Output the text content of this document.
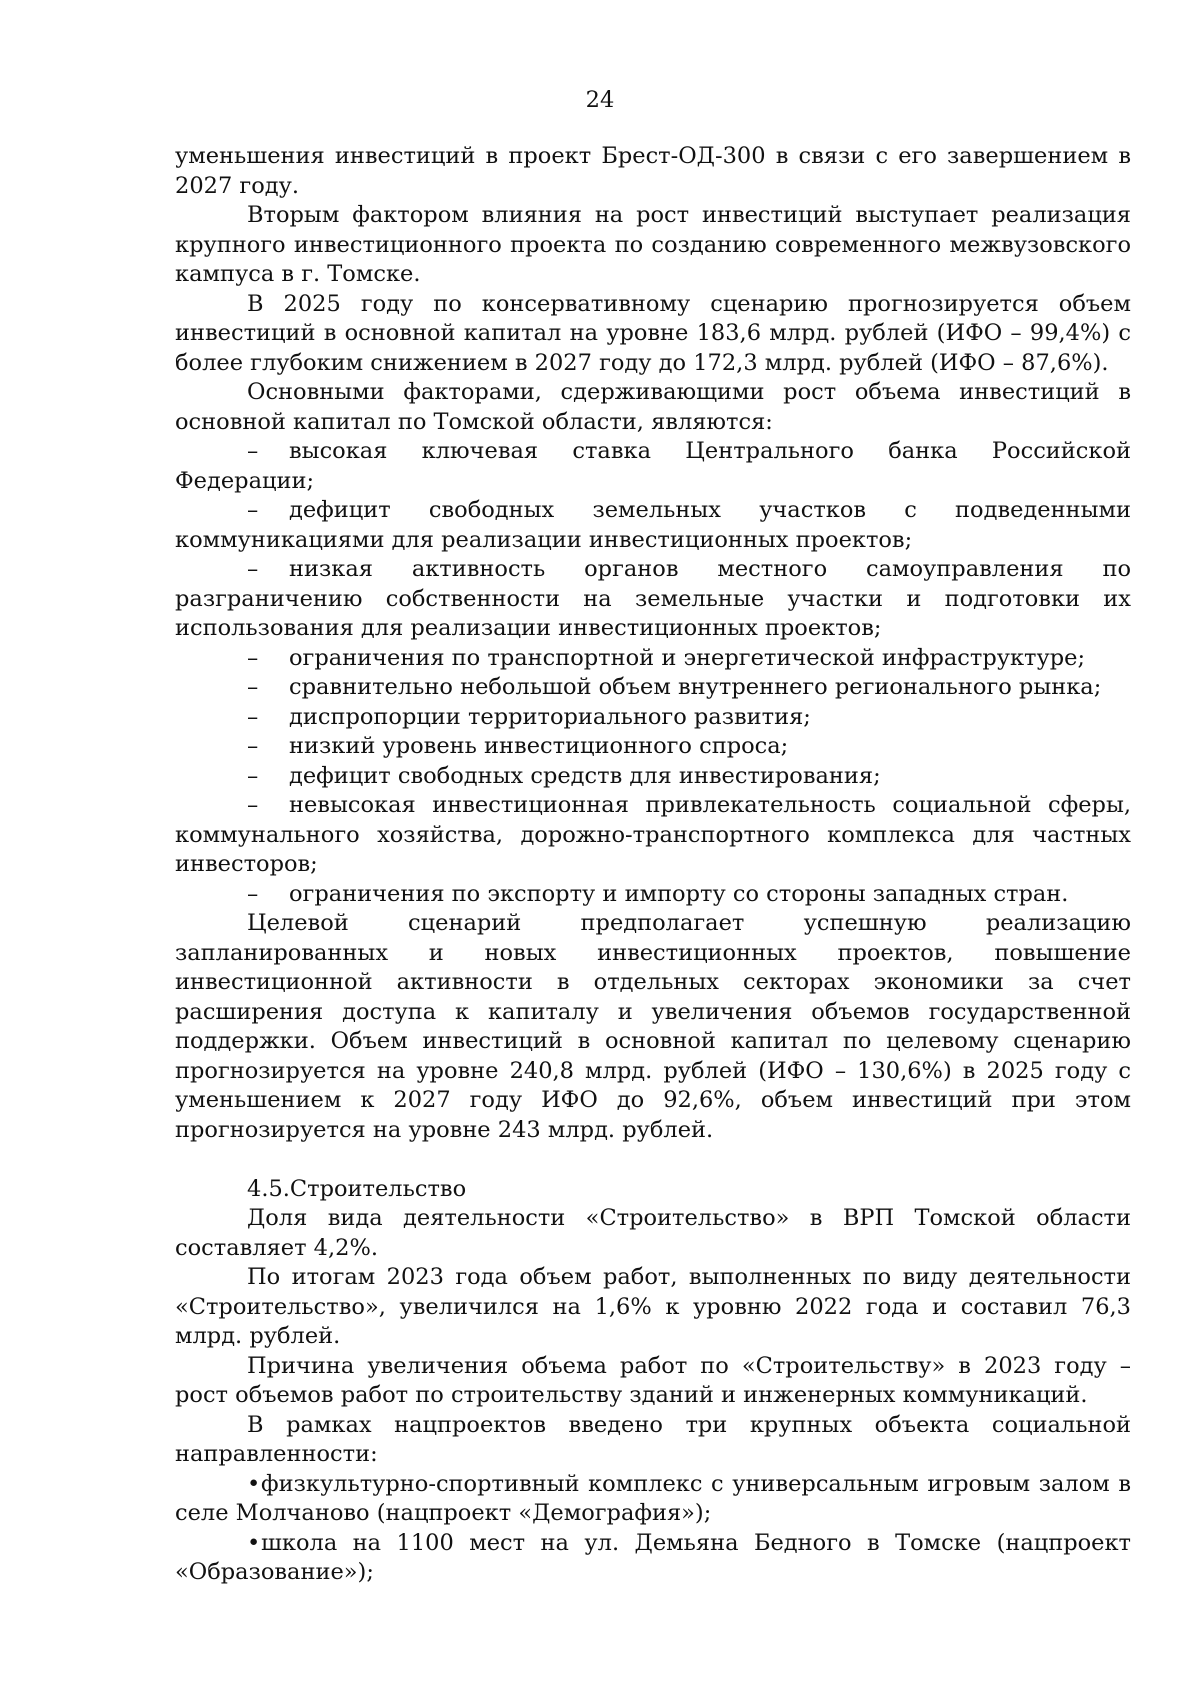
24

уменьшения инвестиций в проект Брест-ОД-300 в связи с его завершением в 2027 году.

Вторым фактором влияния на рост инвестиций выступает реализация крупного инвестиционного проекта по созданию современного межвузовского кампуса в г. Томске.

В 2025 году по консервативному сценарию прогнозируется объем инвестиций в основной капитал на уровне 183,6 млрд. рублей (ИФО – 99,4%) с более глубоким снижением в 2027 году до 172,3 млрд. рублей (ИФО – 87,6%).

Основными факторами, сдерживающими рост объема инвестиций в основной капитал по Томской области, являются:

– высокая ключевая ставка Центрального банка Российской Федерации;

– дефицит свободных земельных участков с подведенными коммуникациями для реализации инвестиционных проектов;

– низкая активность органов местного самоуправления по разграничению собственности на земельные участки и подготовки их использования для реализации инвестиционных проектов;

– ограничения по транспортной и энергетической инфраструктуре;

– сравнительно небольшой объем внутреннего регионального рынка;

– диспропорции территориального развития;

– низкий уровень инвестиционного спроса;

– дефицит свободных средств для инвестирования;

– невысокая инвестиционная привлекательность социальной сферы, коммунального хозяйства, дорожно-транспортного комплекса для частных инвесторов;

– ограничения по экспорту и импорту со стороны западных стран.

Целевой сценарий предполагает успешную реализацию запланированных и новых инвестиционных проектов, повышение инвестиционной активности в отдельных секторах экономики за счет расширения доступа к капиталу и увеличения объемов государственной поддержки. Объем инвестиций в основной капитал по целевому сценарию прогнозируется на уровне 240,8 млрд. рублей (ИФО – 130,6%) в 2025 году с уменьшением к 2027 году ИФО до 92,6%, объем инвестиций при этом прогнозируется на уровне 243 млрд. рублей.

4.5.Строительство

Доля вида деятельности «Строительство» в ВРП Томской области составляет 4,2%.

По итогам 2023 года объем работ, выполненных по виду деятельности «Строительство», увеличился на 1,6% к уровню 2022 года и составил 76,3 млрд. рублей.

Причина увеличения объема работ по «Строительству» в 2023 году – рост объемов работ по строительству зданий и инженерных коммуникаций.

В рамках нацпроектов введено три крупных объекта социальной направленности:

•физкультурно-спортивный комплекс с универсальным игровым залом в селе Молчаново (нацпроект «Демография»);

•школа на 1100 мест на ул. Демьяна Бедного в Томске (нацпроект «Образование»);
